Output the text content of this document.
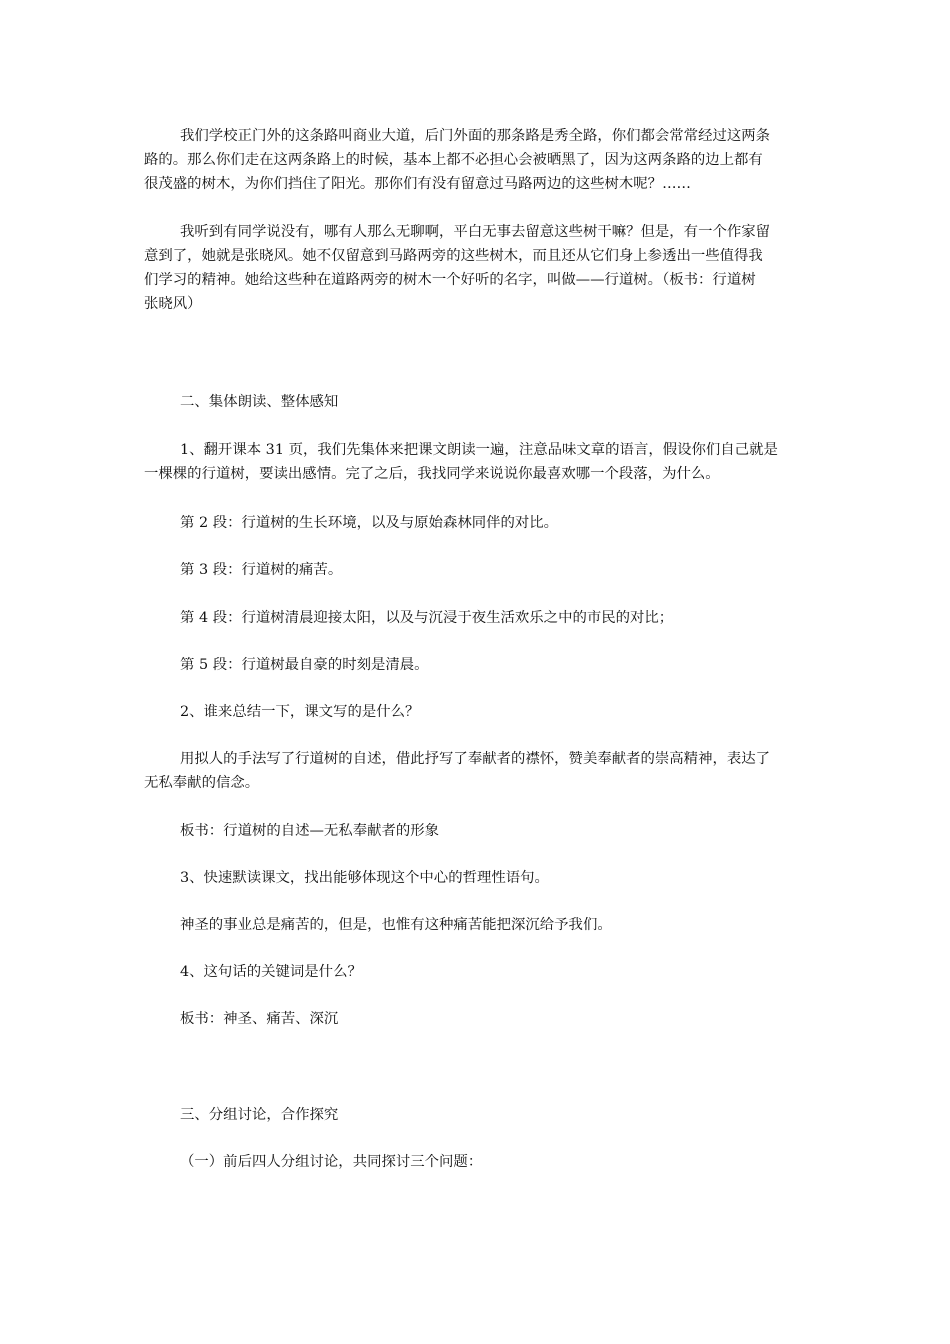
我们学校正门外的这条路叫商业大道，后门外面的那条路是秀全路，你们都会常常经过这两条
路的。那么你们走在这两条路上的时候，基本上都不必担心会被晒黑了，因为这两条路的边上都有
很茂盛的树木，为你们挡住了阳光。那你们有没有留意过马路两边的这些树木呢？……

我听到有同学说没有，哪有人那么无聊啊，平白无事去留意这些树干嘛？但是，有一个作家留
意到了，她就是张晓风。她不仅留意到马路两旁的这些树木，而且还从它们身上参透出一些值得我
们学习的精神。她给这些种在道路两旁的树木一个好听的名字，叫做——行道树。（板书：行道树
张晓风）

二、集体朗读、整体感知

1、翻开课本 31 页，我们先集体来把课文朗读一遍，注意品味文章的语言，假设你们自己就是
一棵棵的行道树，要读出感情。完了之后，我找同学来说说你最喜欢哪一个段落，为什么。

第 2 段：行道树的生长环境，以及与原始森林同伴的对比。

第 3 段：行道树的痛苦。

第 4 段：行道树清晨迎接太阳，以及与沉浸于夜生活欢乐之中的市民的对比；

第 5 段：行道树最自豪的时刻是清晨。

2、谁来总结一下，课文写的是什么？

用拟人的手法写了行道树的自述，借此抒写了奉献者的襟怀，赞美奉献者的崇高精神，表达了
无私奉献的信念。

板书：行道树的自述—无私奉献者的形象

3、快速默读课文，找出能够体现这个中心的哲理性语句。

神圣的事业总是痛苦的，但是，也惟有这种痛苦能把深沉给予我们。

4、这句话的关键词是什么？

板书：神圣、痛苦、深沉

三、分组讨论，合作探究

（一）前后四人分组讨论，共同探讨三个问题：
